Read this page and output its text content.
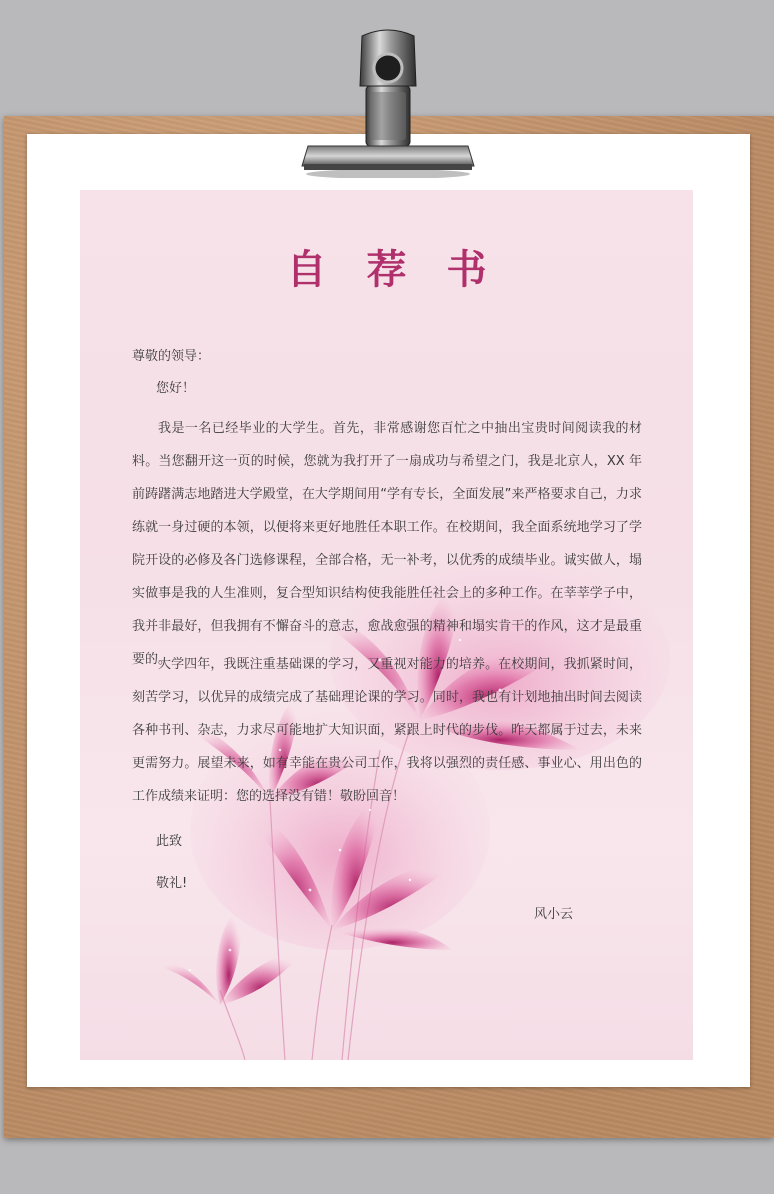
自荐书
尊敬的领导：
您好！
我是一名已经毕业的大学生。首先，非常感谢您百忙之中抽出宝贵时间阅读我的材料。当您翻开这一页的时候，您就为我打开了一扇成功与希望之门，我是北京人，XX 年前踌躇满志地踏进大学殿堂，在大学期间用“学有专长，全面发展”来严格要求自己，力求练就一身过硬的本领，以便将来更好地胜任本职工作。在校期间，我全面系统地学习了学院开设的必修及各门选修课程，全部合格，无一补考，以优秀的成绩毕业。诚实做人，塌实做事是我的人生准则，复合型知识结构使我能胜任社会上的多种工作。在莘莘学子中，我并非最好，但我拥有不懈奋斗的意志，愈战愈强的精神和塌实肯干的作风，这才是最重要的。
大学四年，我既注重基础课的学习，又重视对能力的培养。在校期间，我抓紧时间，刻苦学习，以优异的成绩完成了基础理论课的学习。同时，我也有计划地抽出时间去阅读各种书刊、杂志，力求尽可能地扩大知识面，紧跟上时代的步伐。昨天都属于过去，未来更需努力。展望未来，如有幸能在贵公司工作，我将以强烈的责任感、事业心、用出色的工作成绩来证明：您的选择没有错！敬盼回音！
此致
敬礼!
风小云
